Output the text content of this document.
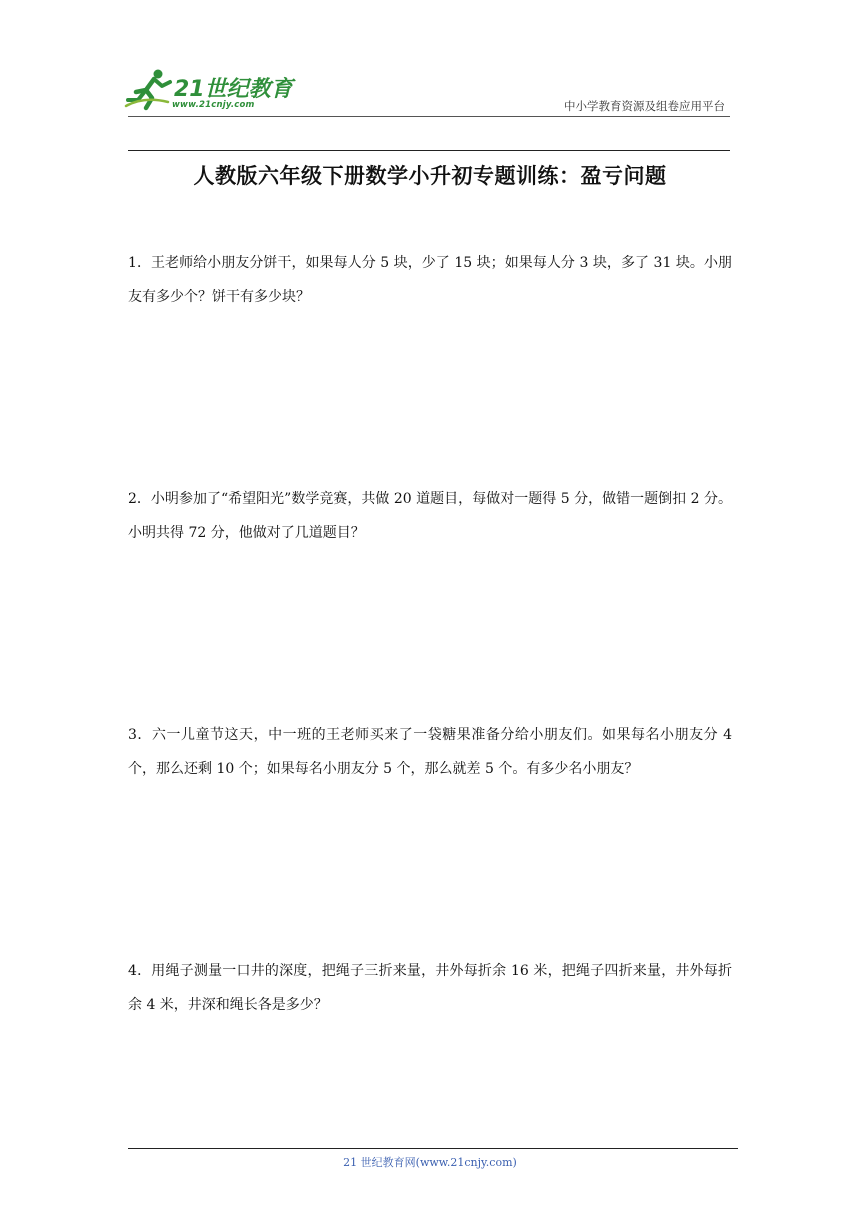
21世纪教育
www.21cnjy.com	中小学教育资源及组卷应用平台
人教版六年级下册数学小升初专题训练：盈亏问题
1．王老师给小朋友分饼干，如果每人分 5 块，少了 15 块；如果每人分 3 块，多了 31 块。小朋友有多少个？饼干有多少块？
2．小明参加了“希望阳光”数学竞赛，共做 20 道题目，每做对一题得 5 分，做错一题倒扣 2 分。小明共得 72 分，他做对了几道题目？
3．六一儿童节这天，中一班的王老师买来了一袋糖果准备分给小朋友们。如果每名小朋友分 4 个，那么还剩 10 个；如果每名小朋友分 5 个，那么就差 5 个。有多少名小朋友？
4．用绳子测量一口井的深度，把绳子三折来量，井外每折余 16 米，把绳子四折来量，井外每折余 4 米，井深和绳长各是多少？
21 世纪教育网(www.21cnjy.com)
